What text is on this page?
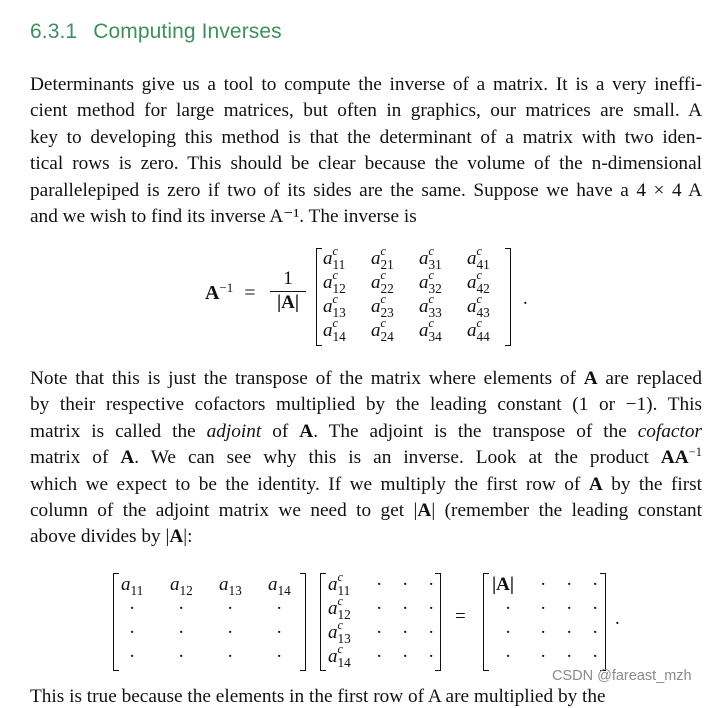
6.3.1 Computing Inverses
Determinants give us a tool to compute the inverse of a matrix. It is a very ineffi-
cient method for large matrices, but often in graphics, our matrices are small. A
key to developing this method is that the determinant of a matrix with two iden-
tical rows is zero. This should be clear because the volume of the n-dimensional
parallelepiped is zero if two of its sides are the same. Suppose we have a 4 × 4 A
and we wish to find its inverse A⁻¹. The inverse is
$A^{-1} = \frac{1}{|A|}$
a c
$_{11}$ a c
$_{21}$ a c
$_{31}$ a c
$_{41}$
a c
$_{12}$ a c
$_{22}$ a c
$_{32}$ a c
$_{42}$
a c
$_{13}$ a c
$_{23}$ a c
$_{33}$ a c
$_{43}$
a c
$_{14}$ a c
$_{24}$ a c
$_{34}$ a c
$_{44}$
.
Note that this is just the transpose of the matrix where elements of A are replaced
by their respective cofactors multiplied by the leading constant (1 or −1). This
matrix is called the adjoint of A. The adjoint is the transpose of the cofactor
matrix of A. We can see why this is an inverse. Look at the product $AA^{-1}$
which we expect to be the identity. If we multiply the first row of A by the first
column of the adjoint matrix we need to get |A| (remember the leading constant
above divides by |A|:
=	.
|A|
$a_{11}$ $a_{12}$ $a_{13}$ $a_{14}$
· · · ·
· · · ·
· · · ·
a c
$_{11}$
a c
$_{12}$
a c
$_{13}$
a c
$_{14}$
·
·
·
·
·
·
·
·
·
·
·
·
· · ·
· · · ·
· · · ·
· · · ·
CSDN @fareast_mzh
This is true because the elements in the first row of A are multiplied by the
